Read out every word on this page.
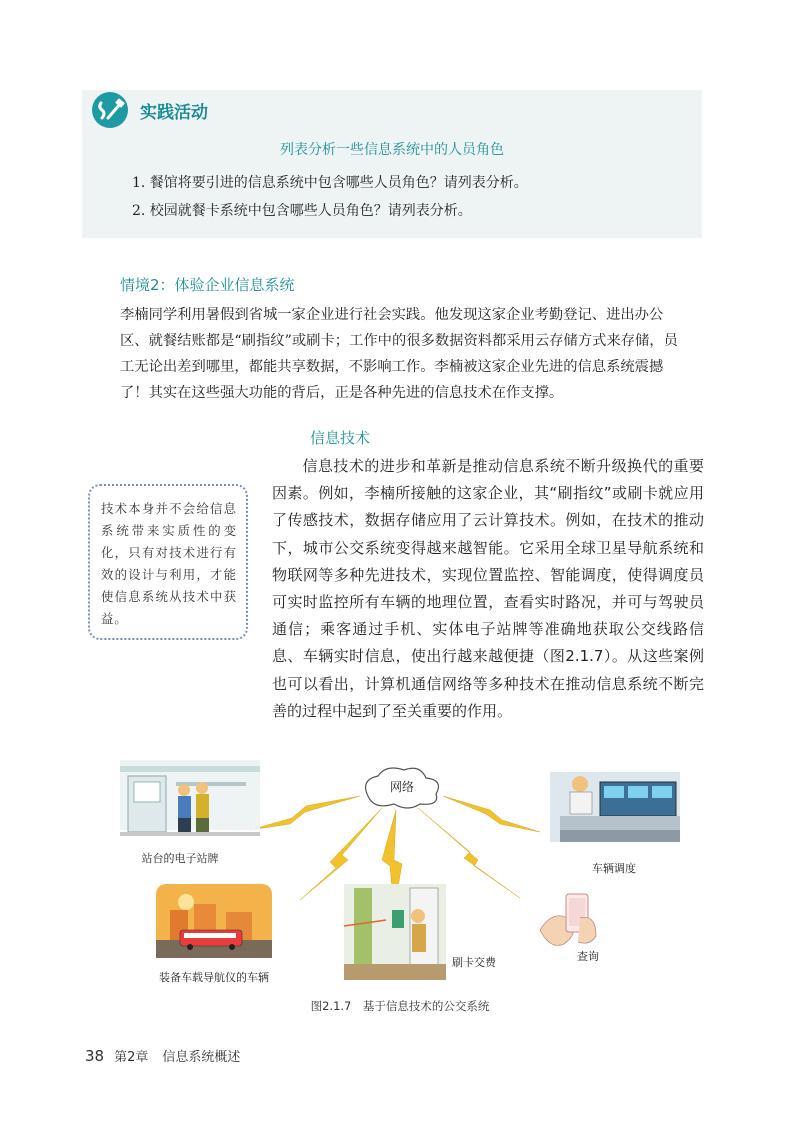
实践活动
列表分析一些信息系统中的人员角色
1. 餐馆将要引进的信息系统中包含哪些人员角色？请列表分析。
2. 校园就餐卡系统中包含哪些人员角色？请列表分析。
情境2：体验企业信息系统
李楠同学利用暑假到省城一家企业进行社会实践。他发现这家企业考勤登记、进出办公区、就餐结账都是“刷指纹”或刷卡；工作中的很多数据资料都采用云存储方式来存储，员工无论出差到哪里，都能共享数据，不影响工作。李楠被这家企业先进的信息系统震撼了！其实在这些强大功能的背后，正是各种先进的信息技术在作支撑。
信息技术
技术本身并不会给信息系统带来实质性的变化，只有对技术进行有效的设计与利用，才能使信息系统从技术中获益。
信息技术的进步和革新是推动信息系统不断升级换代的重要因素。例如，李楠所接触的这家企业，其“刷指纹”或刷卡就应用了传感技术，数据存储应用了云计算技术。例如，在技术的推动下，城市公交系统变得越来越智能。它采用全球卫星导航系统和物联网等多种先进技术，实现位置监控、智能调度，使得调度员可实时监控所有车辆的地理位置，查看实时路况，并可与驾驶员通信；乘客通过手机、实体电子站牌等准确地获取公交线路信息、车辆实时信息，使出行越来越便捷（图2.1.7）。从这些案例也可以看出，计算机通信网络等多种技术在推动信息系统不断完善的过程中起到了至关重要的作用。
网络
站台的电子站牌
车辆调度
装备车载导航仪的车辆
刷卡交费	查询
图2.1.7　基于信息技术的公交系统
38 第2章 信息系统概述
